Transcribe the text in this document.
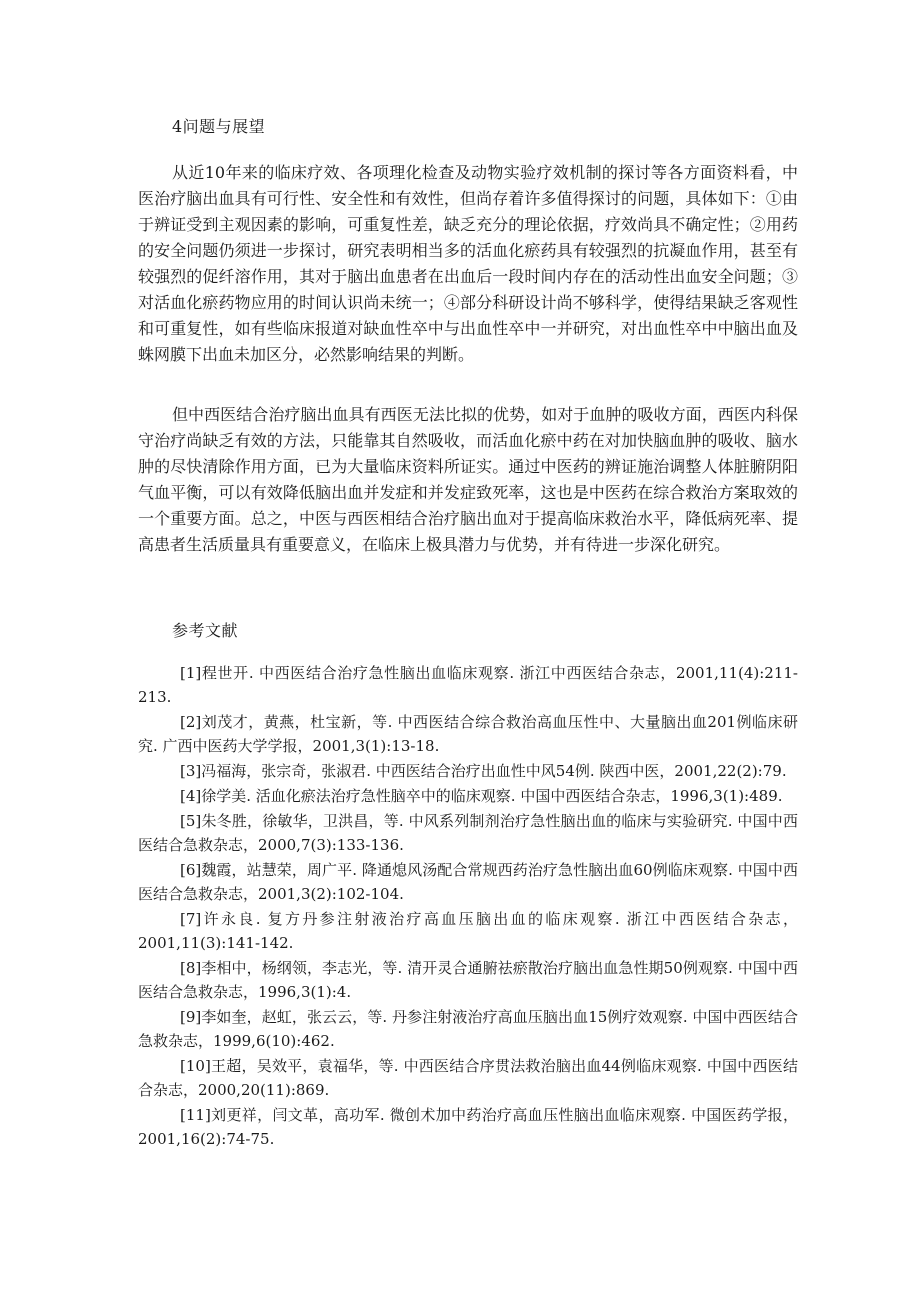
4问题与展望

从近10年来的临床疗效、各项理化检查及动物实验疗效机制的探讨等各方面资料看，中医治疗脑出血具有可行性、安全性和有效性，但尚存着许多值得探讨的问题，具体如下：①由于辨证受到主观因素的影响，可重复性差，缺乏充分的理论依据，疗效尚具不确定性；②用药的安全问题仍须进一步探讨，研究表明相当多的活血化瘀药具有较强烈的抗凝血作用，甚至有较强烈的促纤溶作用，其对于脑出血患者在出血后一段时间内存在的活动性出血安全问题；③对活血化瘀药物应用的时间认识尚未统一；④部分科研设计尚不够科学，使得结果缺乏客观性和可重复性，如有些临床报道对缺血性卒中与出血性卒中一并研究，对出血性卒中中脑出血及蛛网膜下出血未加区分，必然影响结果的判断。

但中西医结合治疗脑出血具有西医无法比拟的优势，如对于血肿的吸收方面，西医内科保守治疗尚缺乏有效的方法，只能靠其自然吸收，而活血化瘀中药在对加快脑血肿的吸收、脑水肿的尽快清除作用方面，已为大量临床资料所证实。通过中医药的辨证施治调整人体脏腑阴阳气血平衡，可以有效降低脑出血并发症和并发症致死率，这也是中医药在综合救治方案取效的一个重要方面。总之，中医与西医相结合治疗脑出血对于提高临床救治水平，降低病死率、提高患者生活质量具有重要意义，在临床上极具潜力与优势，并有待进一步深化研究。

参考文献

[1]程世开. 中西医结合治疗急性脑出血临床观察. 浙江中西医结合杂志，2001,11(4):211-213.

[2]刘茂才，黄燕，杜宝新，等. 中西医结合综合救治高血压性中、大量脑出血201例临床研究. 广西中医药大学学报，2001,3(1):13-18.

[3]冯福海，张宗奇，张淑君. 中西医结合治疗出血性中风54例. 陕西中医，2001,22(2):79.

[4]徐学美. 活血化瘀法治疗急性脑卒中的临床观察. 中国中西医结合杂志，1996,3(1):489.

[5]朱冬胜，徐敏华，卫洪昌，等. 中风系列制剂治疗急性脑出血的临床与实验研究. 中国中西医结合急救杂志，2000,7(3):133-136.

[6]魏霞，站慧荣，周广平. 降通熄风汤配合常规西药治疗急性脑出血60例临床观察. 中国中西医结合急救杂志，2001,3(2):102-104.

[7]许永良. 复方丹参注射液治疗高血压脑出血的临床观察. 浙江中西医结合杂志，2001,11(3):141-142.

[8]李相中，杨纲领，李志光，等. 清开灵合通腑祛瘀散治疗脑出血急性期50例观察. 中国中西医结合急救杂志，1996,3(1):4.

[9]李如奎，赵虹，张云云，等. 丹参注射液治疗高血压脑出血15例疗效观察. 中国中西医结合急救杂志，1999,6(10):462.

[10]王超，吴效平，袁福华，等. 中西医结合序贯法救治脑出血44例临床观察. 中国中西医结合杂志，2000,20(11):869.

[11]刘更祥，闫文革，高功军. 微创术加中药治疗高血压性脑出血临床观察. 中国医药学报，2001,16(2):74-75.
